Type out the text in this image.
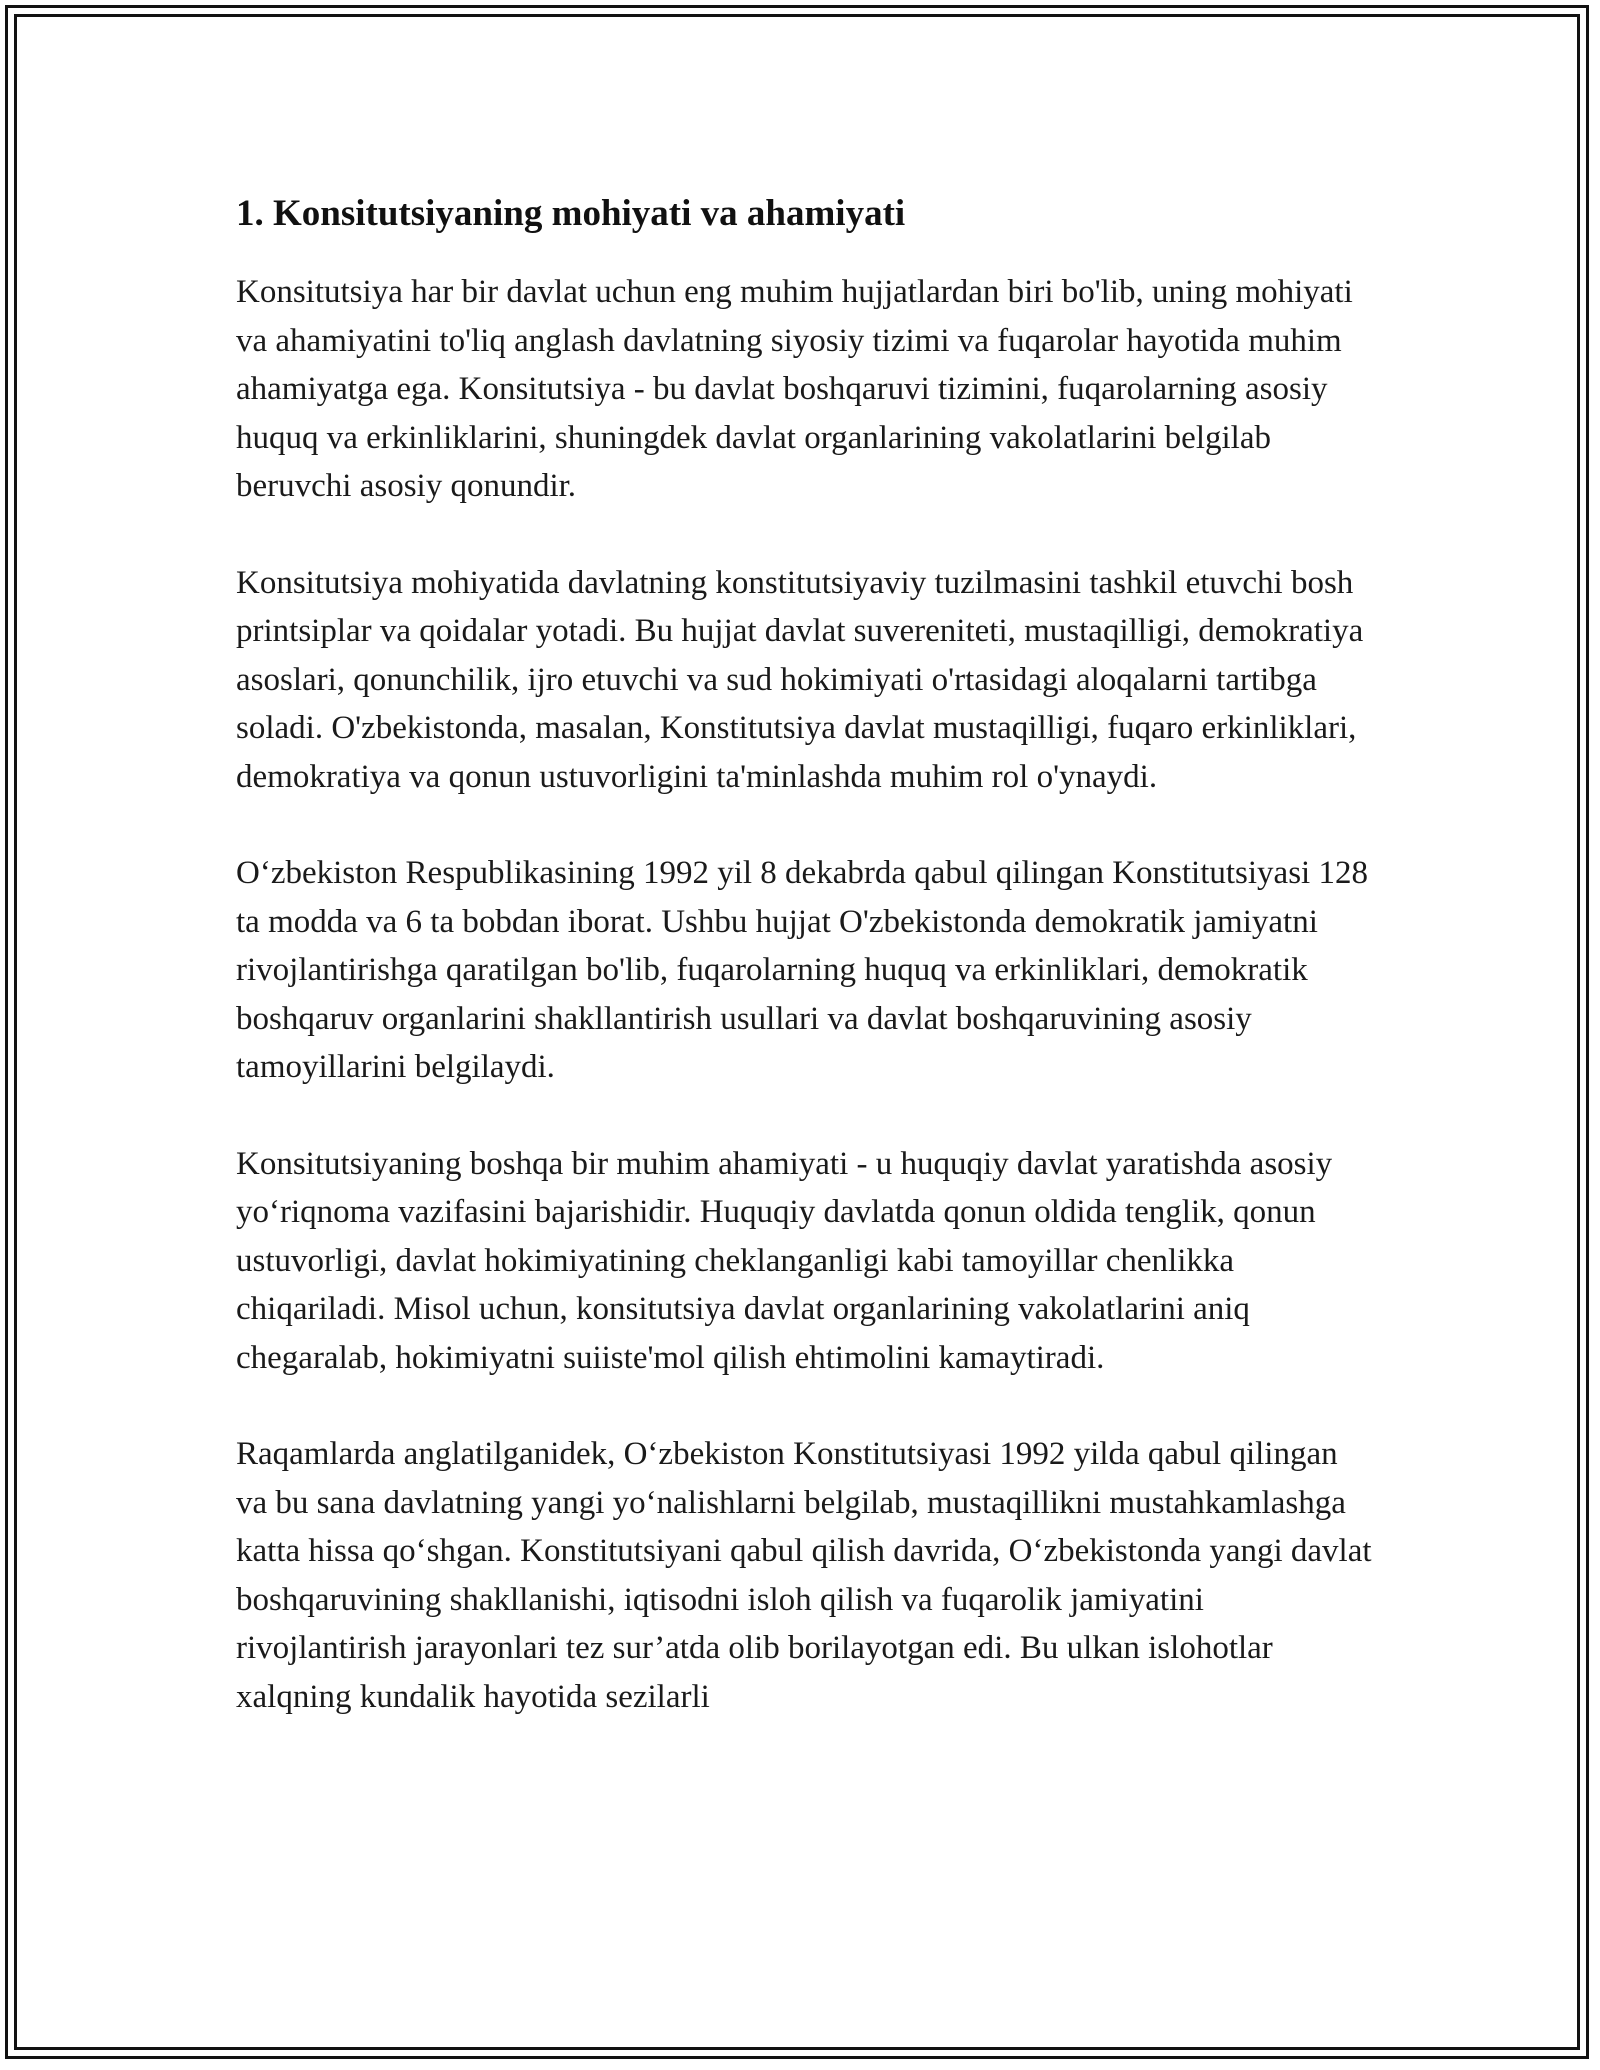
1. Konsitutsiyaning mohiyati va ahamiyati

Konsitutsiya har bir davlat uchun eng muhim hujjatlardan biri bo'lib, uning mohiyati va ahamiyatini to'liq anglash davlatning siyosiy tizimi va fuqarolar hayotida muhim ahamiyatga ega. Konsitutsiya - bu davlat boshqaruvi tizimini, fuqarolarning asosiy huquq va erkinliklarini, shuningdek davlat organlarining vakolatlarini belgilab beruvchi asosiy qonundir.

Konsitutsiya mohiyatida davlatning konstitutsiyaviy tuzilmasini tashkil etuvchi bosh printsiplar va qoidalar yotadi. Bu hujjat davlat suvereniteti, mustaqilligi, demokratiya asoslari, qonunchilik, ijro etuvchi va sud hokimiyati o'rtasidagi aloqalarni tartibga soladi. O'zbekistonda, masalan, Konstitutsiya davlat mustaqilligi, fuqaro erkinliklari, demokratiya va qonun ustuvorligini ta'minlashda muhim rol o'ynaydi.

O‘zbekiston Respublikasining 1992 yil 8 dekabrda qabul qilingan Konstitutsiyasi 128 ta modda va 6 ta bobdan iborat. Ushbu hujjat O'zbekistonda demokratik jamiyatni rivojlantirishga qaratilgan bo'lib, fuqarolarning huquq va erkinliklari, demokratik boshqaruv organlarini shakllantirish usullari va davlat boshqaruvining asosiy tamoyillarini belgilaydi.

Konsitutsiyaning boshqa bir muhim ahamiyati - u huquqiy davlat yaratishda asosiy yo‘riqnoma vazifasini bajarishidir. Huquqiy davlatda qonun oldida tenglik, qonun ustuvorligi, davlat hokimiyatining cheklanganligi kabi tamoyillar chenlikka chiqariladi. Misol uchun, konsitutsiya davlat organlarining vakolatlarini aniq chegaralab, hokimiyatni suiiste'mol qilish ehtimolini kamaytiradi.

Raqamlarda anglatilganidek, O‘zbekiston Konstitutsiyasi 1992 yilda qabul qilingan va bu sana davlatning yangi yo‘nalishlarni belgilab, mustaqillikni mustahkamlashga katta hissa qo‘shgan. Konstitutsiyani qabul qilish davrida, O‘zbekistonda yangi davlat boshqaruvining shakllanishi, iqtisodni isloh qilish va fuqarolik jamiyatini rivojlantirish jarayonlari tez sur’atda olib borilayotgan edi. Bu ulkan islohotlar xalqning kundalik hayotida sezilarli
